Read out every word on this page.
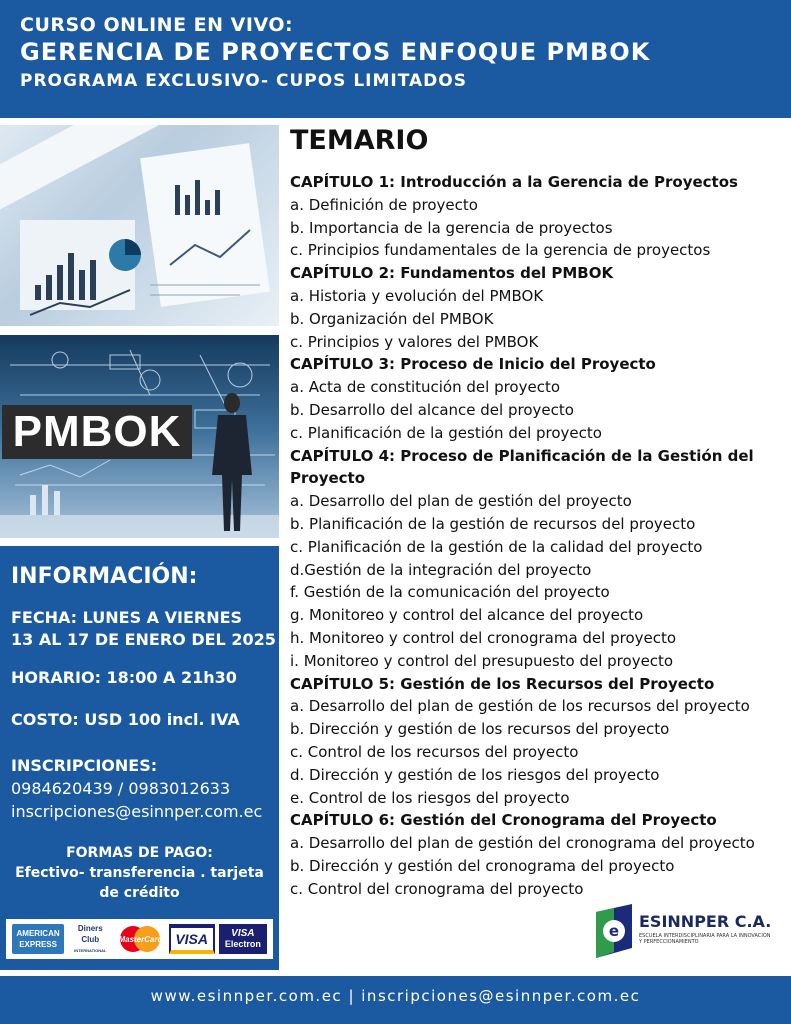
CURSO ONLINE EN VIVO:
GERENCIA DE PROYECTOS ENFOQUE PMBOK
PROGRAMA EXCLUSIVO- CUPOS LIMITADOS
PMBOK
INFORMACIÓN:
FECHA: LUNES A VIERNES
13 AL 17 DE ENERO DEL 2025
HORARIO: 18:00 A 21h30
COSTO: USD 100 incl. IVA
INSCRIPCIONES:
0984620439 / 0983012633
inscripciones@esinnper.com.ec
FORMAS DE PAGO:
Efectivo- transferencia . tarjeta
de crédito
AMERICAN
EXPRESS
Diners Club
INTERNATIONAL
MasterCard VISA VISA
Electron
TEMARIO
CAPÍTULO 1: Introducción a la Gerencia de Proyectos
a. Definición de proyecto
b. Importancia de la gerencia de proyectos
c. Principios fundamentales de la gerencia de proyectos
CAPÍTULO 2: Fundamentos del PMBOK
a. Historia y evolución del PMBOK
b. Organización del PMBOK
c. Principios y valores del PMBOK
CAPÍTULO 3: Proceso de Inicio del Proyecto
a. Acta de constitución del proyecto
b. Desarrollo del alcance del proyecto
c. Planificación de la gestión del proyecto
CAPÍTULO 4: Proceso de Planificación de la Gestión del
Proyecto
a. Desarrollo del plan de gestión del proyecto
b. Planificación de la gestión de recursos del proyecto
c. Planificación de la gestión de la calidad del proyecto
d.Gestión de la integración del proyecto
f. Gestión de la comunicación del proyecto
g. Monitoreo y control del alcance del proyecto
h. Monitoreo y control del cronograma del proyecto
i. Monitoreo y control del presupuesto del proyecto
CAPÍTULO 5: Gestión de los Recursos del Proyecto
a. Desarrollo del plan de gestión de los recursos del proyecto
b. Dirección y gestión de los recursos del proyecto
c. Control de los recursos del proyecto
d. Dirección y gestión de los riesgos del proyecto
e. Control de los riesgos del proyecto
CAPÍTULO 6: Gestión del Cronograma del Proyecto
a. Desarrollo del plan de gestión del cronograma del proyecto
b. Dirección y gestión del cronograma del proyecto
c. Control del cronograma del proyecto
e ESINNPER C.A.
ESCUELA INTERDISCIPLINARIA PARA LA INNOVACIÓN Y PERFECCIONAMIENTO
www.esinnper.com.ec | inscripciones@esinnper.com.ec
